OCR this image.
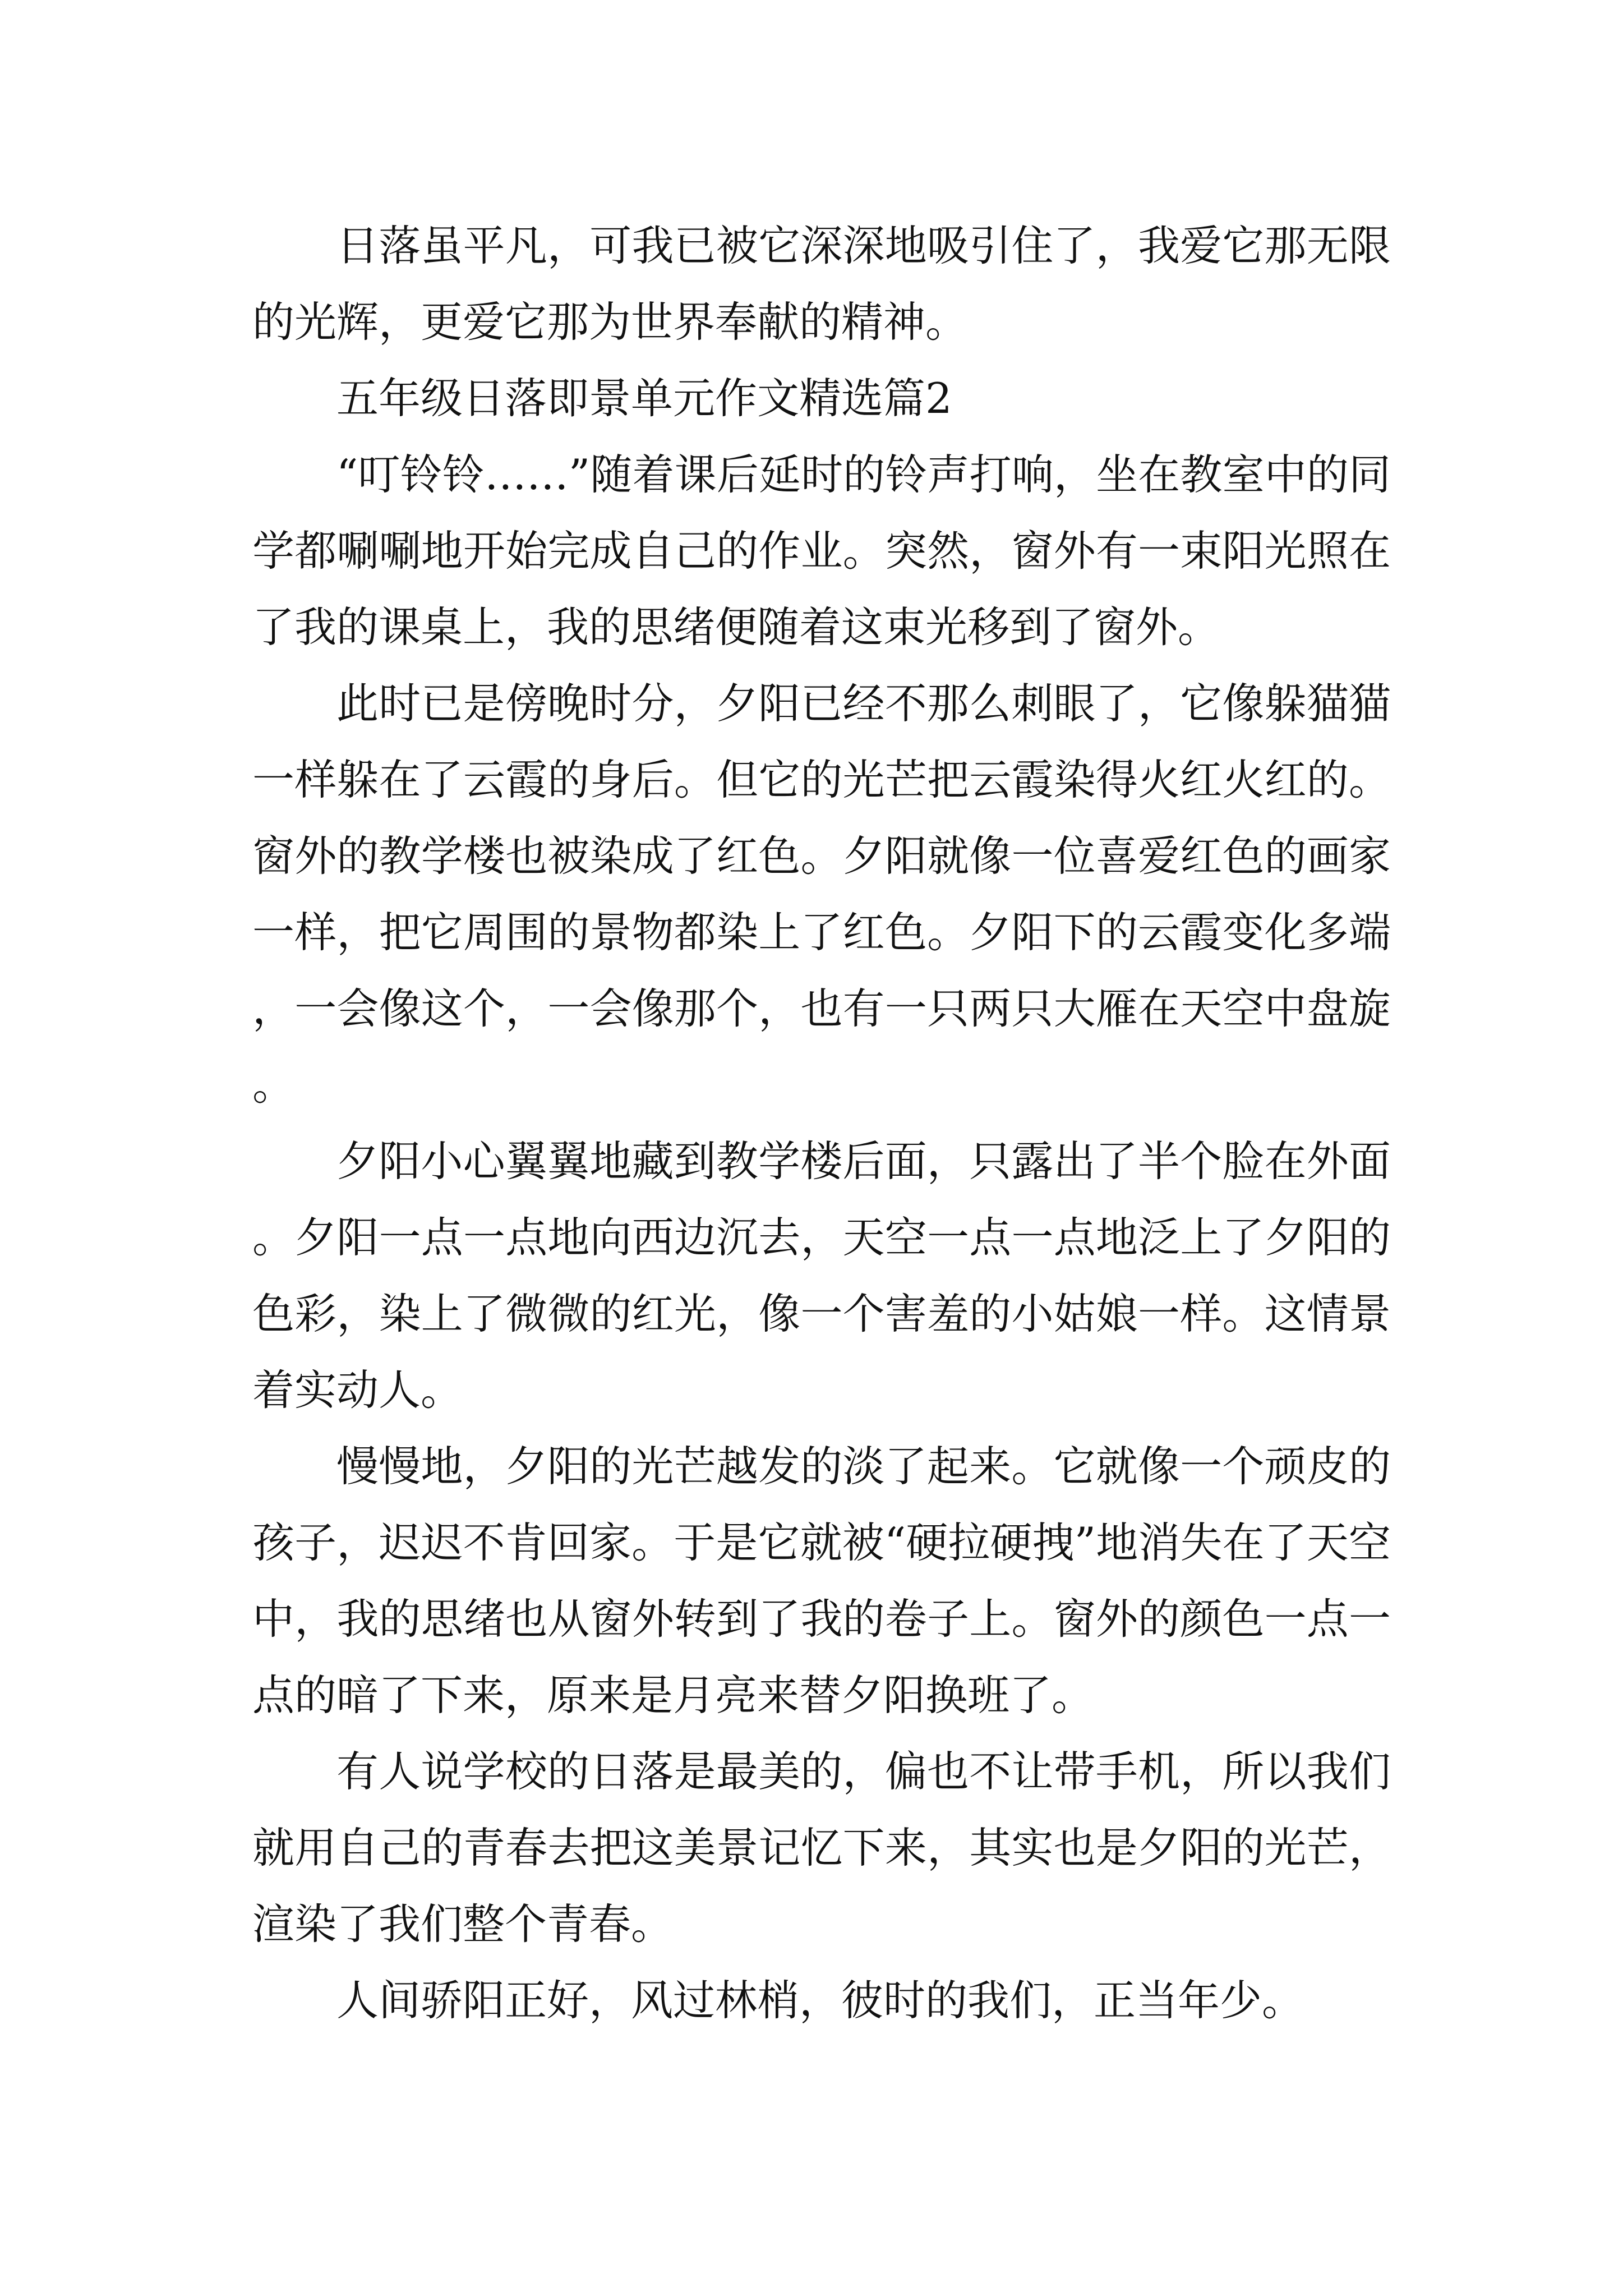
日落虽平凡，可我已被它深深地吸引住了，我爱它那无限的光辉，更爱它那为世界奉献的精神。

五年级日落即景单元作文精选篇2

“叮铃铃……”随着课后延时的铃声打响，坐在教室中的同学都唰唰地开始完成自己的作业。突然，窗外有一束阳光照在了我的课桌上，我的思绪便随着这束光移到了窗外。

此时已是傍晚时分，夕阳已经不那么刺眼了，它像躲猫猫一样躲在了云霞的身后。但它的光芒把云霞染得火红火红的。窗外的教学楼也被染成了红色。夕阳就像一位喜爱红色的画家一样，把它周围的景物都染上了红色。夕阳下的云霞变化多端，一会像这个，一会像那个，也有一只两只大雁在天空中盘旋。

夕阳小心翼翼地藏到教学楼后面，只露出了半个脸在外面。夕阳一点一点地向西边沉去，天空一点一点地泛上了夕阳的色彩，染上了微微的红光，像一个害羞的小姑娘一样。这情景着实动人。

慢慢地，夕阳的光芒越发的淡了起来。它就像一个顽皮的孩子，迟迟不肯回家。于是它就被“硬拉硬拽”地消失在了天空中，我的思绪也从窗外转到了我的卷子上。窗外的颜色一点一点的暗了下来，原来是月亮来替夕阳换班了。

有人说学校的日落是最美的，偏也不让带手机，所以我们就用自己的青春去把这美景记忆下来，其实也是夕阳的光芒，渲染了我们整个青春。

人间骄阳正好，风过林梢，彼时的我们，正当年少。
